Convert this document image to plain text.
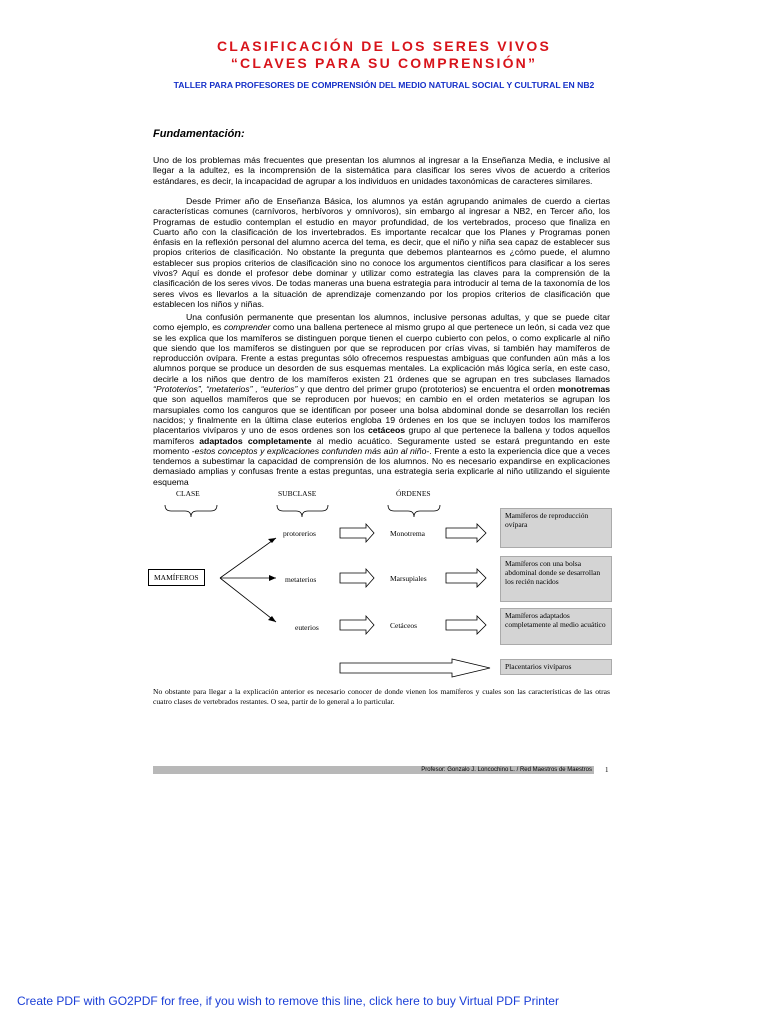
CLASIFICACIÓN DE LOS SERES VIVOS
“CLAVES PARA SU COMPRENSIÓN”

TALLER PARA PROFESORES DE COMPRENSIÓN DEL MEDIO NATURAL SOCIAL Y CULTURAL EN NB2

Fundamentación:

Uno de los problemas más frecuentes que presentan los alumnos al ingresar a la Enseñanza Media, e inclusive al llegar a la adultez, es la incomprensión de la sistemática para clasificar los seres vivos de acuerdo a criterios estándares, es decir, la incapacidad de agrupar a los individuos en unidades taxonómicas de caracteres similares.

Desde Primer año de Enseñanza Básica, los alumnos ya están agrupando animales de cuerdo a ciertas características comunes (carnívoros, herbívoros y omnívoros), sin embargo al ingresar a NB2, en Tercer año, los Programas de estudio contemplan el estudio en mayor profundidad, de los vertebrados, proceso que finaliza en Cuarto año con la clasificación de los invertebrados. Es importante recalcar que los Planes y Programas ponen énfasis en la reflexión personal del alumno acerca del tema, es decir, que el niño y niña sea capaz de establecer sus propios criterios de clasificación. No obstante la pregunta que debemos plantearnos es ¿cómo puede, el alumno establecer sus propios criterios de clasificación sino no conoce los argumentos científicos para clasificar a los seres vivos? Aquí es donde el profesor debe dominar y utilizar como estrategia las claves para la comprensión de la clasificación de los seres vivos. De todas maneras una buena estrategia para introducir al tema de la taxonomía de los seres vivos es llevarlos a la situación de aprendizaje comenzando por los propios criterios de clasificación que establecen los niños y niñas.

Una confusión permanente que presentan los alumnos, inclusive personas adultas, y que se puede citar como ejemplo, es comprender como una ballena pertenece al mismo grupo al que pertenece un león, si cada vez que se les explica que los mamíferos se distinguen porque tienen el cuerpo cubierto con pelos, o como explicarle al niño que siendo que los mamíferos se distinguen por que se reproducen por crías vivas, si también hay mamíferos de reproducción ovípara. Frente a estas preguntas sólo ofrecemos respuestas ambiguas que confunden aún más a los alumnos porque se produce un desorden de sus esquemas mentales. La explicación más lógica sería, en este caso, decirle a los niños que dentro de los mamíferos existen 21 órdenes que se agrupan en tres subclases llamados “Prototerios”, “metaterios” , “euterios” y que dentro del primer grupo (prototerios) se encuentra el orden monotremas que son aquellos mamíferos que se reproducen por huevos; en cambio en el orden metaterios se agrupan los marsupiales como los canguros que se identifican por poseer una bolsa abdominal donde se desarrollan los recién nacidos; y finalmente en la última clase euterios engloba 19 órdenes en los que se incluyen todos los mamíferos placentarios vivíparos y uno de esos ordenes son los cetáceos grupo al que pertenece la ballena y todos aquellos mamíferos adaptados completamente al medio acuático. Seguramente usted se estará preguntando en este momento -estos conceptos y explicaciones confunden más aún al niño-. Frente a esto la experiencia dice que a veces tendemos a subestimar la capacidad de comprensión de los alumnos. No es necesario expandirse en explicaciones demasiado amplias y confusas frente a estas preguntas, una estrategia seria explicarle al niño utilizando el siguiente esquema

CLASE	SUBCLASE	ÓRDENES
MAMÍFEROS
protorerios
metaterios
euterios
Monotrema
Marsupiales
Cetáceos
Mamíferos de reproducción ovípara
Mamíferos con una bolsa abdominal donde se desarrollan los recién nacidos
Mamíferos adaptados completamente al medio acuático
Placentarios vivíparos

No obstante para llegar a la explicación anterior es necesario conocer de donde vienen los mamíferos y cuales son las características de las otras cuatro clases de vertebrados restantes. O sea, partir de lo general a lo particular.

Profesor: Gonzalo J. Loncochino L. / Red Maestros de Maestros 1
Create PDF with GO2PDF for free, if you wish to remove this line, click here to buy Virtual PDF Printer
